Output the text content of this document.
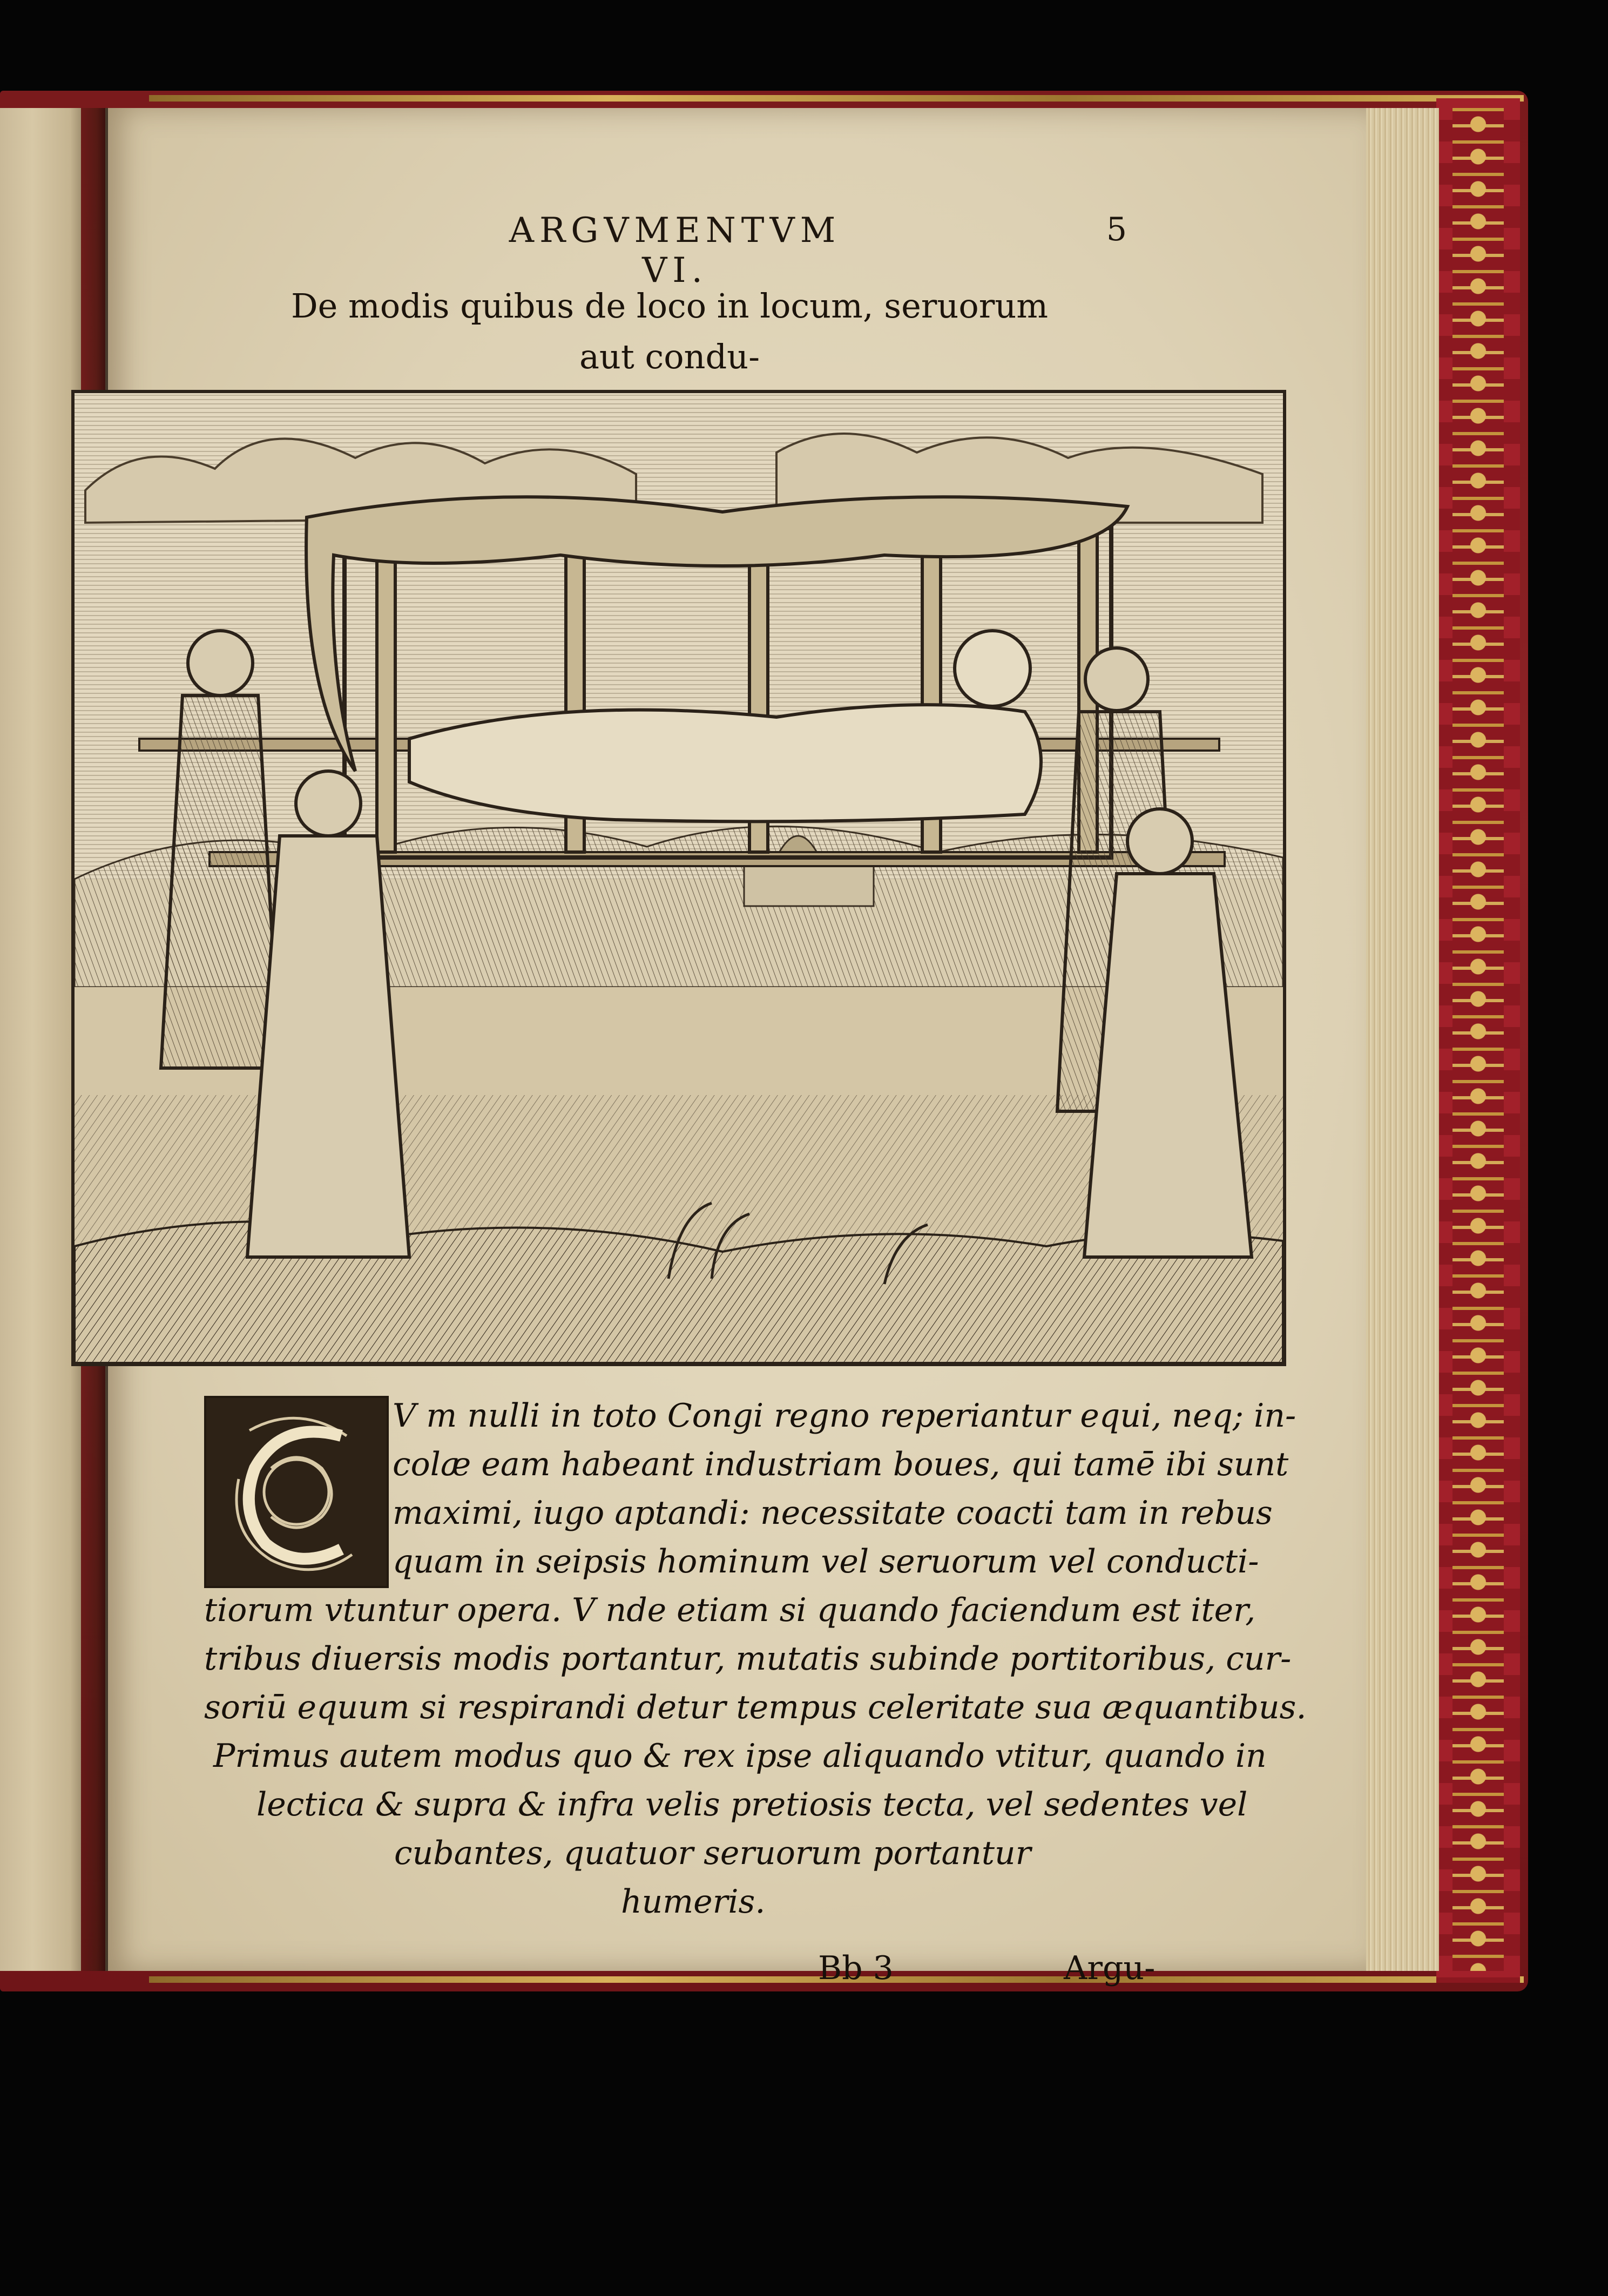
ARGVMENTVM VI.
5
De modis quibus de loco in locum, seruorum aut condu-
V m nulli in toto Congi regno reperiantur equi, neq; in-
colæ eam habeant industriam boues, qui tamē ibi sunt
maximi, iugo aptandi: necessitate coacti tam in rebus
quam in seipsis hominum vel seruorum vel conducti-
tiorum vtuntur opera. V nde etiam si quando faciendum est iter,
tribus diuersis modis portantur, mutatis subinde portitoribus, cur-
soriū equum si respirandi detur tempus celeritate sua æquantibus.
Primus autem modus quo & rex ipse aliquando vtitur, quando in
lectica & supra & infra velis pretiosis tecta, vel sedentes vel
cubantes, quatuor seruorum portantur
humeris.
Bb 3	Argu-
